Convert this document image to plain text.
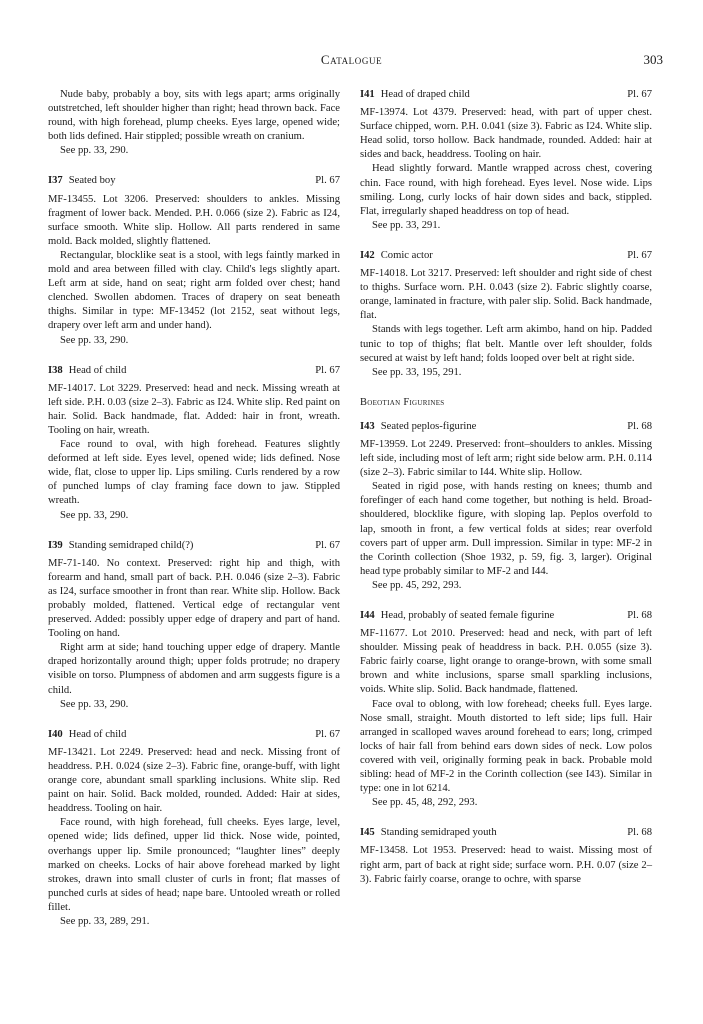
Catalogue	303

Nude baby, probably a boy, sits with legs apart; arms originally outstretched, left shoulder higher than right; head thrown back. Face round, with high forehead, plump cheeks. Eyes large, opened wide; both lids defined. Hair stippled; possible wreath on cranium.

See pp. 33, 290.

I37 Seated boy	Pl. 67

MF-13455. Lot 3206. Preserved: shoulders to ankles. Missing fragment of lower back. Mended. P.H. 0.066 (size 2). Fabric as I24, surface smooth. White slip. Hollow. All parts rendered in same mold. Back molded, slightly flattened.

Rectangular, blocklike seat is a stool, with legs faintly marked in mold and area between filled with clay. Child's legs slightly apart. Left arm at side, hand on seat; right arm folded over chest; hand clenched. Swollen abdomen. Traces of drapery on seat beneath thighs. Similar in type: MF-13452 (lot 2152, seat without legs, drapery over left arm and under hand).

See pp. 33, 290.

I38 Head of child	Pl. 67

MF-14017. Lot 3229. Preserved: head and neck. Missing wreath at left side. P.H. 0.03 (size 2–3). Fabric as I24. White slip. Red paint on hair. Solid. Back handmade, flat. Added: hair in front, wreath. Tooling on hair, wreath.

Face round to oval, with high forehead. Features slightly deformed at left side. Eyes level, opened wide; lids defined. Nose wide, flat, close to upper lip. Lips smiling. Curls rendered by a row of punched lumps of clay framing face down to jaw. Stippled wreath.

See pp. 33, 290.

I39 Standing semidraped child(?)	Pl. 67

MF-71-140. No context. Preserved: right hip and thigh, with forearm and hand, small part of back. P.H. 0.046 (size 2–3). Fabric as I24, surface smoother in front than rear. White slip. Hollow. Back probably molded, flattened. Vertical edge of rectangular vent preserved. Added: possibly upper edge of drapery and part of hand. Tooling on hand.

Right arm at side; hand touching upper edge of drapery. Mantle draped horizontally around thigh; upper folds protrude; no drapery visible on torso. Plumpness of abdomen and arm suggests figure is a child.

See pp. 33, 290.

I40 Head of child	Pl. 67

MF-13421. Lot 2249. Preserved: head and neck. Missing front of headdress. P.H. 0.024 (size 2–3). Fabric fine, orange-buff, with light orange core, abundant small sparkling inclusions. White slip. Red paint on hair. Solid. Back molded, rounded. Added: Hair at sides, headdress. Tooling on hair.

Face round, with high forehead, full cheeks. Eyes large, level, opened wide; lids defined, upper lid thick. Nose wide, pointed, overhangs upper lip. Smile pronounced; “laughter lines” deeply marked on cheeks. Locks of hair above forehead marked by light strokes, drawn into small cluster of curls in front; flat masses of punched curls at sides of head; nape bare. Untooled wreath or rolled fillet.

See pp. 33, 289, 291.

I41 Head of draped child	Pl. 67

MF-13974. Lot 4379. Preserved: head, with part of upper chest. Surface chipped, worn. P.H. 0.041 (size 3). Fabric as I24. White slip. Head solid, torso hollow. Back handmade, rounded. Added: hair at sides and back, headdress. Tooling on hair.

Head slightly forward. Mantle wrapped across chest, covering chin. Face round, with high forehead. Eyes level. Nose wide. Lips smiling. Long, curly locks of hair down sides and back, stippled. Flat, irregularly shaped headdress on top of head.

See pp. 33, 291.

I42 Comic actor	Pl. 67

MF-14018. Lot 3217. Preserved: left shoulder and right side of chest to thighs. Surface worn. P.H. 0.043 (size 2). Fabric slightly coarse, orange, laminated in fracture, with paler slip. Solid. Back handmade, flat.

Stands with legs together. Left arm akimbo, hand on hip. Padded tunic to top of thighs; flat belt. Mantle over left shoulder, folds secured at waist by left hand; folds looped over belt at right side.

See pp. 33, 195, 291.

Boeotian Figurines
I43 Seated peplos-figurine	Pl. 68

MF-13959. Lot 2249. Preserved: front–shoulders to ankles. Missing left side, including most of left arm; right side below arm. P.H. 0.114 (size 2–3). Fabric similar to I44. White slip. Hollow.

Seated in rigid pose, with hands resting on knees; thumb and forefinger of each hand come together, but nothing is held. Broad-shouldered, blocklike figure, with sloping lap. Peplos overfold to lap, smooth in front, a few vertical folds at sides; rear overfold covers part of upper arm. Dull impression. Similar in type: MF-2 in the Corinth collection (Shoe 1932, p. 59, fig. 3, larger). Original head type probably similar to MF-2 and I44.

See pp. 45, 292, 293.

I44 Head, probably of seated female figurine	Pl. 68

MF-11677. Lot 2010. Preserved: head and neck, with part of left shoulder. Missing peak of headdress in back. P.H. 0.055 (size 3). Fabric fairly coarse, light orange to orange-brown, with some small brown and white inclusions, sparse small sparkling inclusions, voids. White slip. Solid. Back handmade, flattened.

Face oval to oblong, with low forehead; cheeks full. Eyes large. Nose small, straight. Mouth distorted to left side; lips full. Hair arranged in scalloped waves around forehead to ears; long, crimped locks of hair fall from behind ears down sides of neck. Low polos covered with veil, originally forming peak in back. Probable mold sibling: head of MF-2 in the Corinth collection (see I43). Similar in type: one in lot 6214.

See pp. 45, 48, 292, 293.

I45 Standing semidraped youth	Pl. 68

MF-13458. Lot 1953. Preserved: head to waist. Missing most of right arm, part of back at right side; surface worn. P.H. 0.07 (size 2–3). Fabric fairly coarse, orange to ochre, with sparse
